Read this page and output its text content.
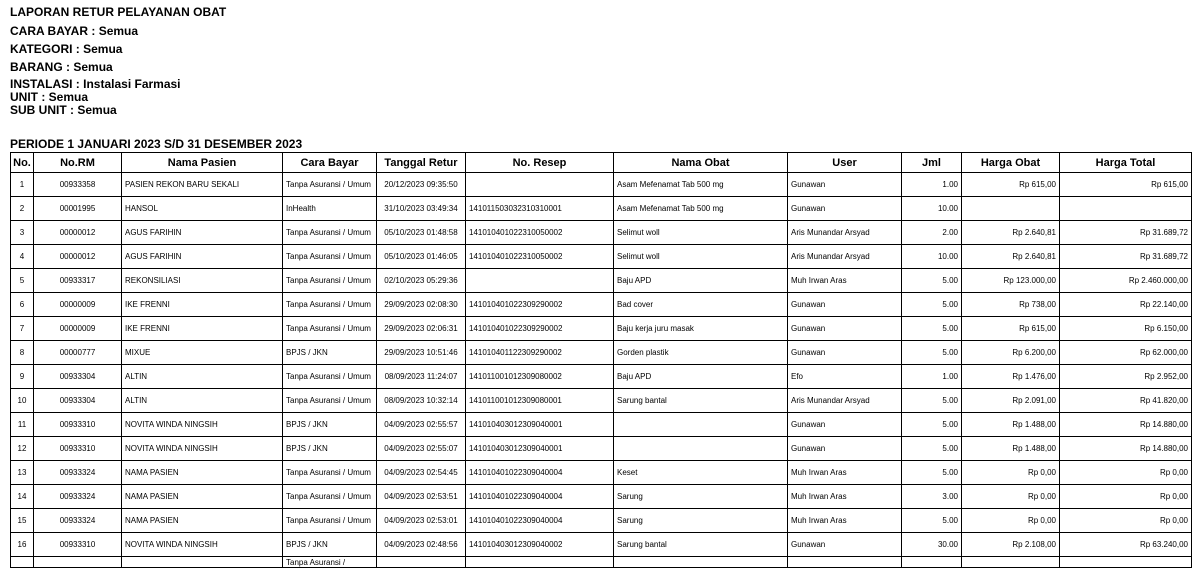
LAPORAN RETUR PELAYANAN OBAT
CARA BAYAR : Semua
KATEGORI : Semua
BARANG : Semua
INSTALASI : Instalasi Farmasi
UNIT : Semua
SUB UNIT : Semua
PERIODE 1 JANUARI 2023 S/D 31 DESEMBER 2023
No.	No.RM	Nama Pasien	Cara Bayar	Tanggal Retur	No. Resep	Nama Obat	User	Jml	Harga Obat	Harga Total
1	00933358	PASIEN REKON BARU SEKALI	Tanpa Asuransi / Umum	20/12/2023 09:35:50		Asam Mefenamat Tab 500 mg	Gunawan	1.00	Rp 615,00	Rp 615,00
2	00001995	HANSOL	InHealth	31/10/2023 03:49:34	141011503032310310001	Asam Mefenamat Tab 500 mg	Gunawan	10.00		
3	00000012	AGUS FARIHIN	Tanpa Asuransi / Umum	05/10/2023 01:48:58	141010401022310050002	Selimut woll	Aris Munandar Arsyad	2.00	Rp 2.640,81	Rp 31.689,72
4	00000012	AGUS FARIHIN	Tanpa Asuransi / Umum	05/10/2023 01:46:05	141010401022310050002	Selimut woll	Aris Munandar Arsyad	10.00	Rp 2.640,81	Rp 31.689,72
5	00933317	REKONSILIASI	Tanpa Asuransi / Umum	02/10/2023 05:29:36		Baju APD	Muh Irwan Aras	5.00	Rp 123.000,00	Rp 2.460.000,00
6	00000009	IKE FRENNI	Tanpa Asuransi / Umum	29/09/2023 02:08:30	141010401022309290002	Bad cover	Gunawan	5.00	Rp 738,00	Rp 22.140,00
7	00000009	IKE FRENNI	Tanpa Asuransi / Umum	29/09/2023 02:06:31	141010401022309290002	Baju kerja juru masak	Gunawan	5.00	Rp 615,00	Rp 6.150,00
8	00000777	MIXUE	BPJS / JKN	29/09/2023 10:51:46	141010401122309290002	Gorden plastik	Gunawan	5.00	Rp 6.200,00	Rp 62.000,00
9	00933304	ALTIN	Tanpa Asuransi / Umum	08/09/2023 11:24:07	141011001012309080002	Baju APD	Efo	1.00	Rp 1.476,00	Rp 2.952,00
10	00933304	ALTIN	Tanpa Asuransi / Umum	08/09/2023 10:32:14	141011001012309080001	Sarung bantal	Aris Munandar Arsyad	5.00	Rp 2.091,00	Rp 41.820,00
11	00933310	NOVITA WINDA NINGSIH	BPJS / JKN	04/09/2023 02:55:57	141010403012309040001		Gunawan	5.00	Rp 1.488,00	Rp 14.880,00
12	00933310	NOVITA WINDA NINGSIH	BPJS / JKN	04/09/2023 02:55:07	141010403012309040001		Gunawan	5.00	Rp 1.488,00	Rp 14.880,00
13	00933324	NAMA PASIEN	Tanpa Asuransi / Umum	04/09/2023 02:54:45	141010401022309040004	Keset	Muh Irwan Aras	5.00	Rp 0,00	Rp 0,00
14	00933324	NAMA PASIEN	Tanpa Asuransi / Umum	04/09/2023 02:53:51	141010401022309040004	Sarung	Muh Irwan Aras	3.00	Rp 0,00	Rp 0,00
15	00933324	NAMA PASIEN	Tanpa Asuransi / Umum	04/09/2023 02:53:01	141010401022309040004	Sarung	Muh Irwan Aras	5.00	Rp 0,00	Rp 0,00
16	00933310	NOVITA WINDA NINGSIH	BPJS / JKN	04/09/2023 02:48:56	141010403012309040002	Sarung bantal	Gunawan	30.00	Rp 2.108,00	Rp 63.240,00
			Tanpa Asuransi /							
